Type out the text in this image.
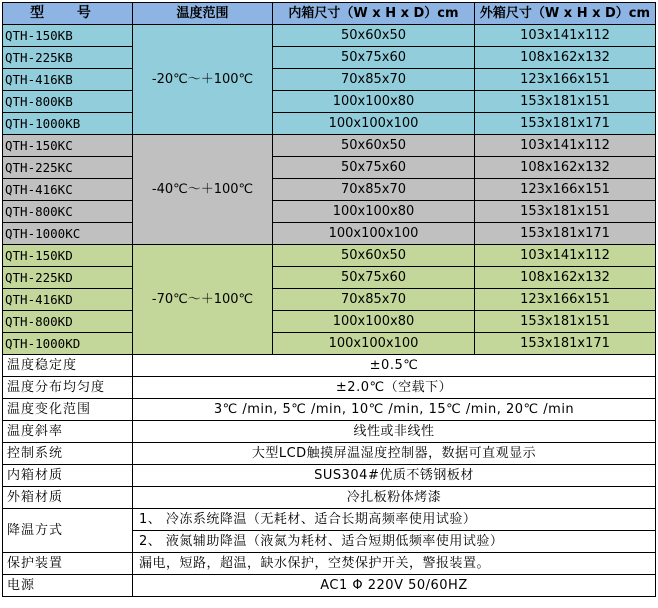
型 号	温度范围	内箱尺寸（W x H x D）cm	外箱尺寸（W x H x D）cm
QTH-150KB	-20℃～＋100℃	50x60x50	103x141x112
QTH-225KB		50x75x60	108x162x132
QTH-416KB		70x85x70	123x166x151
QTH-800KB		100x100x80	153x181x151
QTH-1000KB		100x100x100	153x181x171
QTH-150KC	-40℃～＋100℃	50x60x50	103x141x112
QTH-225KC		50x75x60	108x162x132
QTH-416KC		70x85x70	123x166x151
QTH-800KC		100x100x80	153x181x151
QTH-1000KC		100x100x100	153x181x171
QTH-150KD	-70℃～＋100℃	50x60x50	103x141x112
QTH-225KD		50x75x60	108x162x132
QTH-416KD		70x85x70	123x166x151
QTH-800KD		100x100x80	153x181x151
QTH-1000KD		100x100x100	153x181x171
温度稳定度	±0.5℃		
温度分布均匀度	±2.0℃（空载下）		
温度变化范围	3℃ /min, 5℃ /min, 10℃ /min, 15℃ /min, 20℃ /min		
温度斜率	线性或非线性		
控制系统	大型LCD触摸屏温湿度控制器，数据可直观显示		
内箱材质	SUS304#优质不锈钢板材		
外箱材质	冷扎板粉体烤漆		
降温方式	1、 冷冻系统降温（无耗材、适合长期高频率使用试验）		
	2、 液氮辅助降温（液氮为耗材、适合短期低频率使用试验）		
保护装置	漏电，短路，超温，缺水保护，空焚保护开关，警报装置。		
电源	AC1 Φ 220V 50/60HZ		
